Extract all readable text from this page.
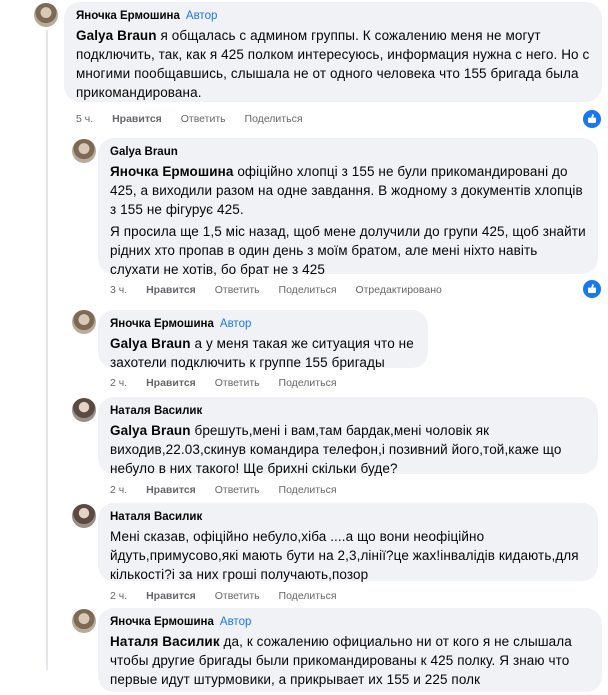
Яночка Ермошина Автор
Galya Braun я общалась с админом группы. К сожалению меня не могут подключить, так, как я 425 полком интересуюсь, информация нужна с него. Но с многими пообщавшись, слышала не от одного человека что 155 бригада была прикомандирована.
5 ч. Нравится Ответить Поделиться
Galya Braun
Яночка Ермошина офіційно хлопці з 155 не були прикомандировані до 425, а виходили разом на одне завдання. В жодному з документів хлопців з 155 не фігурує 425.
Я просила ще 1,5 міс назад, щоб мене долучили до групи 425, щоб знайти рідних хто пропав в один день з моїм братом, але мені ніхто навіть слухати не хотів, бо брат не з 425
3 ч. Нравится Ответить Поделиться Отредактировано
Яночка Ермошина Автор
Galya Braun а у меня такая же ситуация что не захотели подключить к группе 155 бригады
2 ч. Нравится Ответить Поделиться
Наталя Василик
Galya Braun брешуть,мені і вам,там бардак,мені чоловік як виходив,22.03,скинув командира телефон,і позивний його,той,каже що небуло в них такого! Ще брихні скільки буде?
2 ч. Нравится Ответить Поделиться
Наталя Василик
Мені сказав, офіційно небуло,хіба ....а що вони неофіційно йдуть,примусово,які мають бути на 2,3,лінії?це жах!інвалідів кидають,для кількості?і за них гроші получають,позор
2 ч. Нравится Ответить Поделиться
Яночка Ермошина Автор
Наталя Василик да, к сожалению официально ни от кого я не слышала чтобы другие бригады были прикомандированы к 425 полку. Я знаю что первые идут штурмовики, а прикрывает их 155 и 225 полк
